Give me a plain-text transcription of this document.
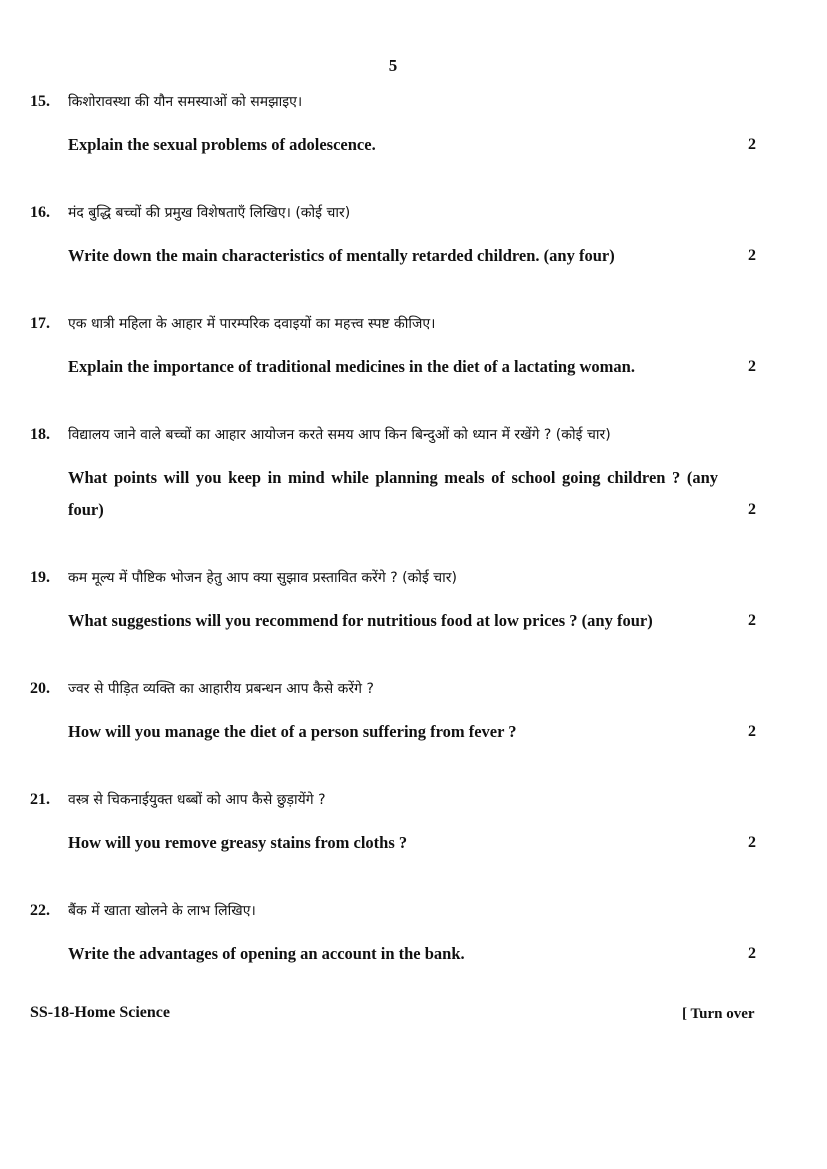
5
15. किशोरावस्था की यौन समस्याओं को समझाइए।
Explain the sexual problems of adolescence.	2
16. मंद बुद्धि बच्चों की प्रमुख विशेषताएँ लिखिए। (कोई चार)
Write down the main characteristics of mentally retarded children. (any four)	2
17. एक धात्री महिला के आहार में पारम्परिक दवाइयों का महत्त्व स्पष्ट कीजिए।
Explain the importance of traditional medicines in the diet of a lactating woman.	2
18. विद्यालय जाने वाले बच्चों का आहार आयोजन करते समय आप किन बिन्दुओं को ध्यान में रखेंगे ? (कोई चार)
What points will you keep in mind while planning meals of school going children ? (any four)	2
19. कम मूल्य में पौष्टिक भोजन हेतु आप क्या सुझाव प्रस्तावित करेंगे ? (कोई चार)
What suggestions will you recommend for nutritious food at low prices ? (any four)	2
20. ज्वर से पीड़ित व्यक्ति का आहारीय प्रबन्धन आप कैसे करेंगे ?
How will you manage the diet of a person suffering from fever ?	2
21. वस्त्र से चिकनाईयुक्त धब्बों को आप कैसे छुड़ायेंगे ?
How will you remove greasy stains from cloths ?	2
22. बैंक में खाता खोलने के लाभ लिखिए।
Write the advantages of opening an account in the bank.	2
SS-18-Home Science	[ Turn over
